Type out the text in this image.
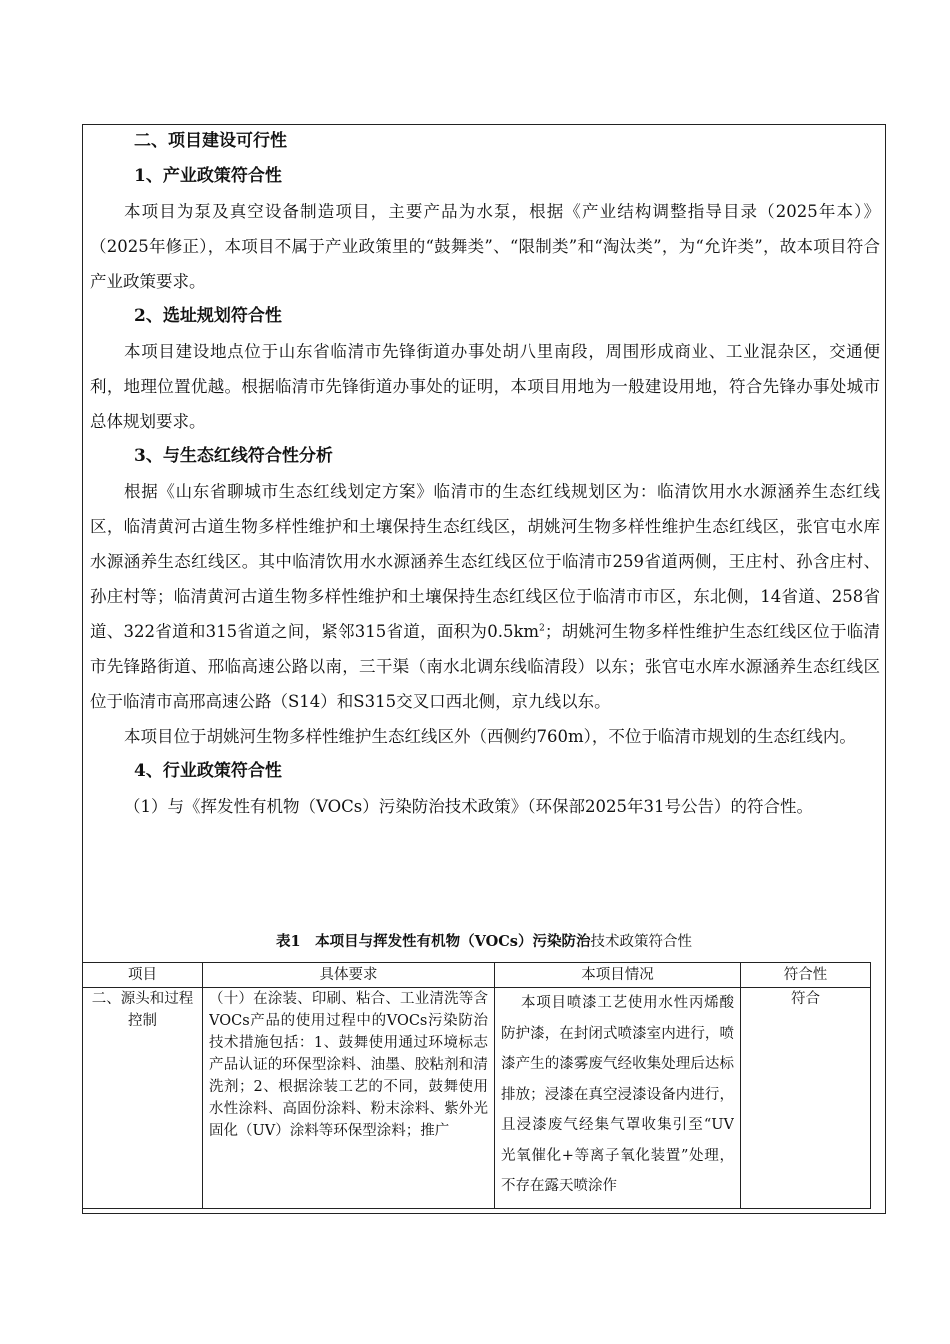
二、项目建设可行性
1、产业政策符合性

本项目为泵及真空设备制造项目，主要产品为水泵，根据《产业结构调整指导目录（2025年本）》（2025年修正），本项目不属于产业政策里的“鼓舞类”、“限制类”和“淘汰类”，为“允许类”，故本项目符合产业政策要求。

2、选址规划符合性

本项目建设地点位于山东省临清市先锋街道办事处胡八里南段，周围形成商业、工业混杂区，交通便利，地理位置优越。根据临清市先锋街道办事处的证明，本项目用地为一般建设用地，符合先锋办事处城市总体规划要求。

3、与生态红线符合性分析

根据《山东省聊城市生态红线划定方案》临清市的生态红线规划区为：临清饮用水水源涵养生态红线区，临清黄河古道生物多样性维护和土壤保持生态红线区，胡姚河生物多样性维护生态红线区，张官屯水库水源涵养生态红线区。其中临清饮用水水源涵养生态红线区位于临清市259省道两侧，王庄村、孙含庄村、孙庄村等；临清黄河古道生物多样性维护和土壤保持生态红线区位于临清市市区，东北侧，14省道、258省道、322省道和315省道之间，紧邻315省道，面积为$0.5km^2$；胡姚河生物多样性维护生态红线区位于临清市先锋路街道、邢临高速公路以南，三干渠（南水北调东线临清段）以东；张官屯水库水源涵养生态红线区位于临清市高邢高速公路（S14）和S315交叉口西北侧，京九线以东。

本项目位于胡姚河生物多样性维护生态红线区外（西侧约760m），不位于临清市规划的生态红线内。

4、行业政策符合性

（1）与《挥发性有机物（VOCs）污染防治技术政策》（环保部2025年31号公告）的符合性。

表1　本项目与挥发性有机物（VOCs）污染防治技术政策符合性
项目	具体要求	本项目情况	符合性

二、源头和过程控制	（十）在涂装、印刷、粘合、工业清洗等含VOCs产品的使用过程中的VOCs污染防治技术措施包括：1、鼓舞使用通过环境标志产品认证的环保型涂料、油墨、胶粘剂和清洗剂；2、根据涂装工艺的不同，鼓舞使用水性涂料、高固份涂料、粉末涂料、紫外光固化（UV）涂料等环保型涂料；推广	本项目喷漆工艺使用水性丙烯酸防护漆，在封闭式喷漆室内进行，喷漆产生的漆雾废气经收集处理后达标排放；浸漆在真空浸漆设备内进行，且浸漆废气经集气罩收集引至“UV光氧催化+等离子氧化装置”处理，不存在露天喷涂作	符合
